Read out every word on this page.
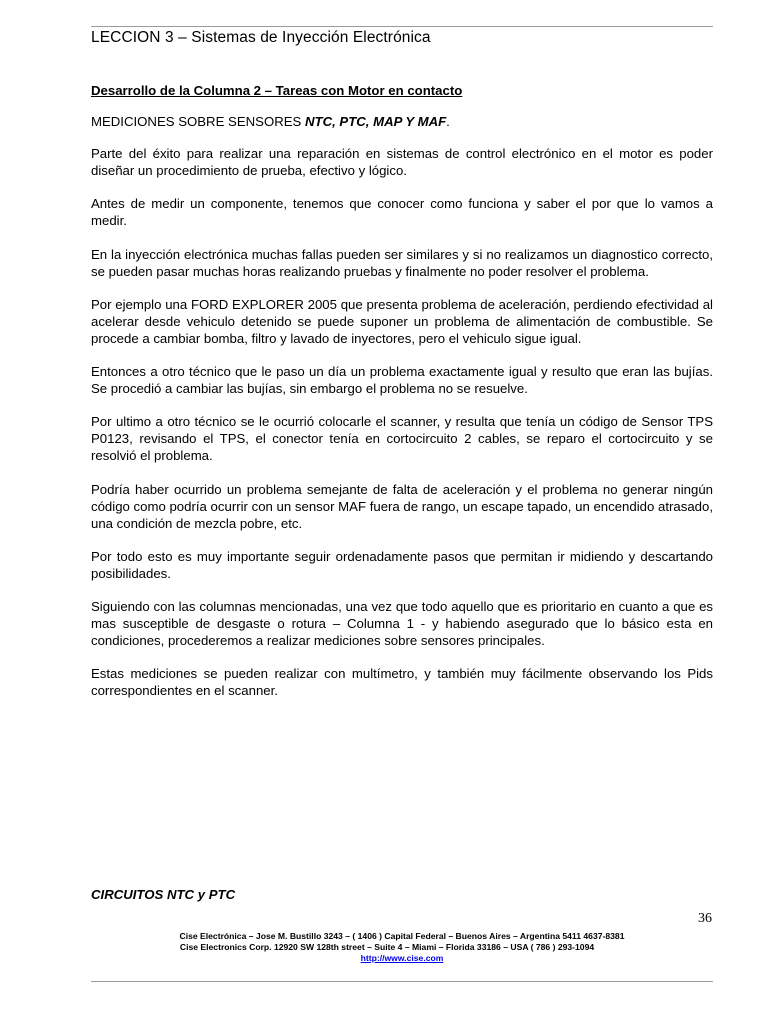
LECCION 3 – Sistemas de Inyección Electrónica
Desarrollo de la Columna 2 – Tareas con Motor en contacto
MEDICIONES SOBRE SENSORES NTC, PTC, MAP Y MAF.

Parte del éxito para realizar una reparación en sistemas de control electrónico en el motor es poder diseñar un procedimiento de prueba, efectivo y lógico.

Antes de medir un componente, tenemos que conocer como funciona y saber el por que lo vamos a medir.

En la inyección electrónica muchas fallas pueden ser similares y si no realizamos un diagnostico correcto, se pueden pasar muchas horas realizando pruebas y finalmente no poder resolver el problema.

Por ejemplo una FORD EXPLORER 2005 que presenta problema de aceleración, perdiendo efectividad al acelerar desde vehiculo detenido se puede suponer un problema de alimentación de combustible. Se procede a cambiar bomba, filtro y lavado de inyectores, pero el vehiculo sigue igual.

Entonces a otro técnico que le paso un día un problema exactamente igual y resulto que eran las bujías. Se procedió a cambiar las bujías, sin embargo el problema no se resuelve.

Por ultimo a otro técnico se le ocurrió colocarle el scanner, y resulta que tenía un código de Sensor TPS P0123, revisando el TPS, el conector tenía en cortocircuito 2 cables, se reparo el cortocircuito y se resolvió el problema.

Podría haber ocurrido un problema semejante de falta de aceleración y el problema no generar ningún código como podría ocurrir con un sensor MAF fuera de rango, un escape tapado, un encendido atrasado, una condición de mezcla pobre, etc.

Por todo esto es muy importante seguir ordenadamente pasos que permitan ir midiendo y descartando posibilidades.

Siguiendo con las columnas mencionadas, una vez que todo aquello que es prioritario en cuanto a que es mas susceptible de desgaste o rotura – Columna 1 - y habiendo asegurado que lo básico esta en condiciones, procederemos a realizar mediciones sobre sensores principales.

Estas mediciones se pueden realizar con multímetro, y también muy fácilmente observando los Pids correspondientes en el scanner.

CIRCUITOS NTC y PTC
36
Cise Electrónica – Jose M. Bustillo 3243 – ( 1406 ) Capital Federal – Buenos Aires – Argentina 5411 4637-8381
Cise Electronics Corp. 12920 SW 128th street – Suite 4 – Miami – Florida 33186 – USA ( 786 ) 293-1094
http://www.cise.com
